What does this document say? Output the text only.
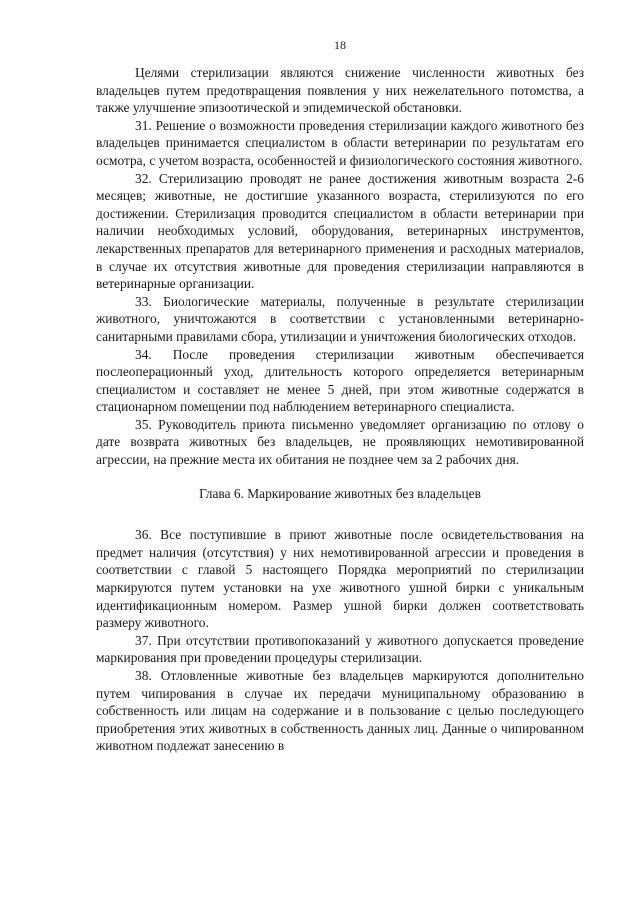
18

Целями стерилизации являются снижение численности животных без владельцев путем предотвращения появления у них нежелательного потомства, а также улучшение эпизоотической и эпидемической обстановки.

31. Решение о возможности проведения стерилизации каждого животного без владельцев принимается специалистом в области ветеринарии по результатам его осмотра, с учетом возраста, особенностей и физиологического состояния животного.

32. Стерилизацию проводят не ранее достижения животным возраста 2-6 месяцев; животные, не достигшие указанного возраста, стерилизуются по его достижении. Стерилизация проводится специалистом в области ветеринарии при наличии необходимых условий, оборудования, ветеринарных инструментов, лекарственных препаратов для ветеринарного применения и расходных материалов, в случае их отсутствия животные для проведения стерилизации направляются в ветеринарные организации.

33. Биологические материалы, полученные в результате стерилизации животного, уничтожаются в соответствии с установленными ветеринарно-санитарными правилами сбора, утилизации и уничтожения биологических отходов.

34. После проведения стерилизации животным обеспечивается послеоперационный уход, длительность которого определяется ветеринарным специалистом и составляет не менее 5 дней, при этом животные содержатся в стационарном помещении под наблюдением ветеринарного специалиста.

35. Руководитель приюта письменно уведомляет организацию по отлову о дате возврата животных без владельцев, не проявляющих немотивированной агрессии, на прежние места их обитания не позднее чем за 2 рабочих дня.

Глава 6. Маркирование животных без владельцев

36. Все поступившие в приют животные после освидетельствования на предмет наличия (отсутствия) у них немотивированной агрессии и проведения в соответствии с главой 5 настоящего Порядка мероприятий по стерилизации маркируются путем установки на ухе животного ушной бирки с уникальным идентификационным номером. Размер ушной бирки должен соответствовать размеру животного.

37. При отсутствии противопоказаний у животного допускается проведение маркирования при проведении процедуры стерилизации.

38. Отловленные животные без владельцев маркируются дополнительно путем чипирования в случае их передачи муниципальному образованию в собственность или лицам на содержание и в пользование с целью последующего приобретения этих животных в собственность данных лиц. Данные о чипированном животном подлежат занесению в
